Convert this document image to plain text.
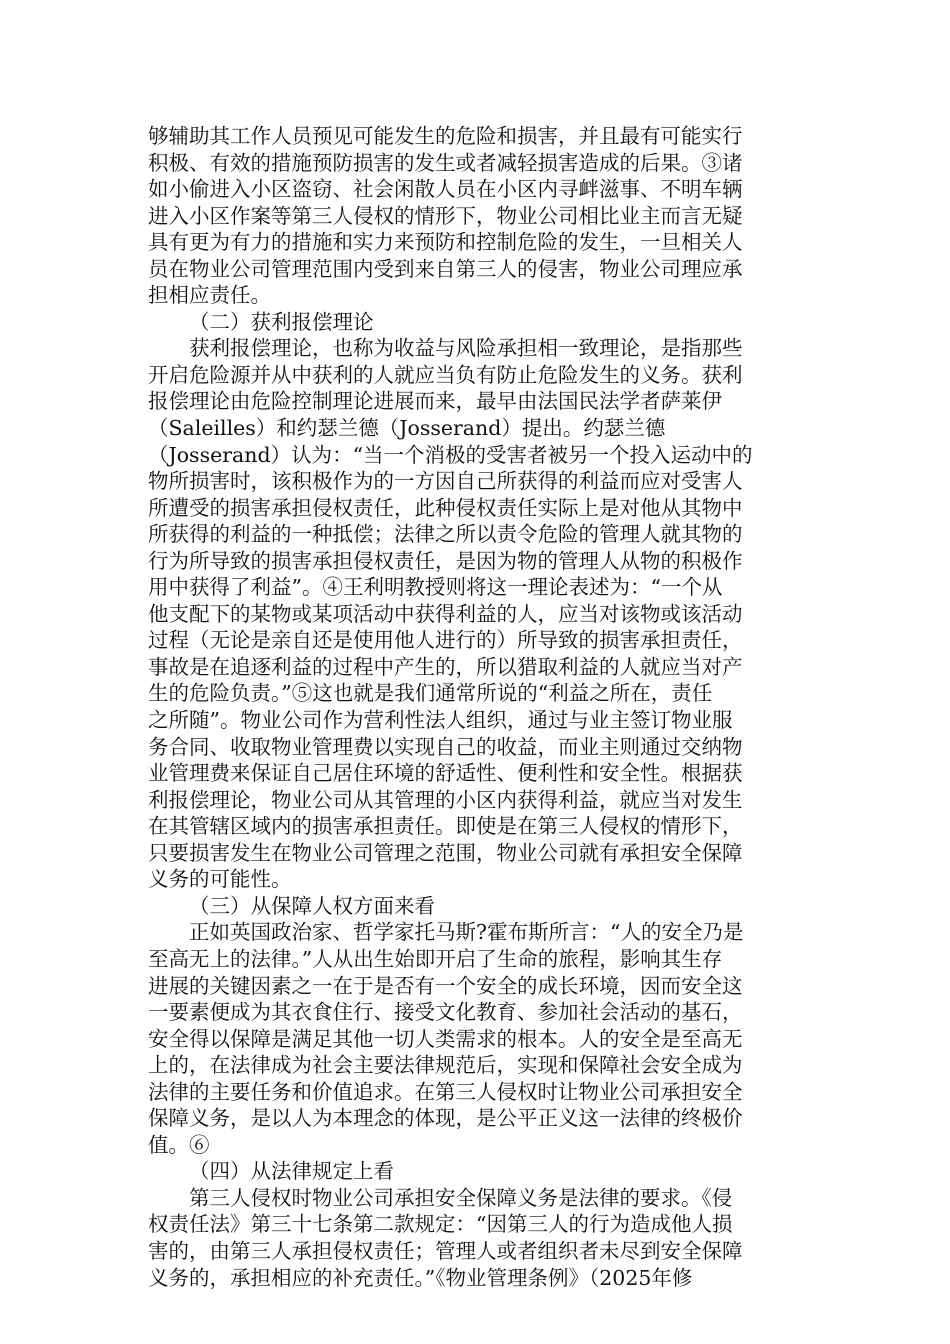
够辅助其工作人员预见可能发生的危险和损害，并且最有可能实行

积极、有效的措施预防损害的发生或者减轻损害造成的后果。③诸

如小偷进入小区盗窃、社会闲散人员在小区内寻衅滋事、不明车辆

进入小区作案等第三人侵权的情形下，物业公司相比业主而言无疑

具有更为有力的措施和实力来预防和控制危险的发生，一旦相关人

员在物业公司管理范围内受到来自第三人的侵害，物业公司理应承

担相应责任。

（二）获利报偿理论

获利报偿理论，也称为收益与风险承担相一致理论，是指那些

开启危险源并从中获利的人就应当负有防止危险发生的义务。获利

报偿理论由危险控制理论进展而来，最早由法国民法学者萨莱伊

（Saleilles）和约瑟兰德（Josserand）提出。约瑟兰德

（Josserand）认为：“当一个消极的受害者被另一个投入运动中的

物所损害时，该积极作为的一方因自己所获得的利益而应对受害人

所遭受的损害承担侵权责任，此种侵权责任实际上是对他从其物中

所获得的利益的一种抵偿；法律之所以责令危险的管理人就其物的

行为所导致的损害承担侵权责任，是因为物的管理人从物的积极作

用中获得了利益”。④王利明教授则将这一理论表述为：“一个从

他支配下的某物或某项活动中获得利益的人，应当对该物或该活动

过程（无论是亲自还是使用他人进行的）所导致的损害承担责任，

事故是在追逐利益的过程中产生的，所以猎取利益的人就应当对产

生的危险负责。”⑤这也就是我们通常所说的“利益之所在，责任

之所随”。物业公司作为营利性法人组织，通过与业主签订物业服

务合同、收取物业管理费以实现自己的收益，而业主则通过交纳物

业管理费来保证自己居住环境的舒适性、便利性和安全性。根据获

利报偿理论，物业公司从其管理的小区内获得利益，就应当对发生

在其管辖区域内的损害承担责任。即使是在第三人侵权的情形下，

只要损害发生在物业公司管理之范围，物业公司就有承担安全保障

义务的可能性。

（三）从保障人权方面来看

正如英国政治家、哲学家托马斯?霍布斯所言：“人的安全乃是

至高无上的法律。”人从出生始即开启了生命的旅程，影响其生存

进展的关键因素之一在于是否有一个安全的成长环境，因而安全这

一要素便成为其衣食住行、接受文化教育、参加社会活动的基石，

安全得以保障是满足其他一切人类需求的根本。人的安全是至高无

上的，在法律成为社会主要法律规范后，实现和保障社会安全成为

法律的主要任务和价值追求。在第三人侵权时让物业公司承担安全

保障义务，是以人为本理念的体现，是公平正义这一法律的终极价

值。⑥

（四）从法律规定上看

第三人侵权时物业公司承担安全保障义务是法律的要求。《侵

权责任法》第三十七条第二款规定：“因第三人的行为造成他人损

害的，由第三人承担侵权责任；管理人或者组织者未尽到安全保障

义务的，承担相应的补充责任。”《物业管理条例》（2025年修
